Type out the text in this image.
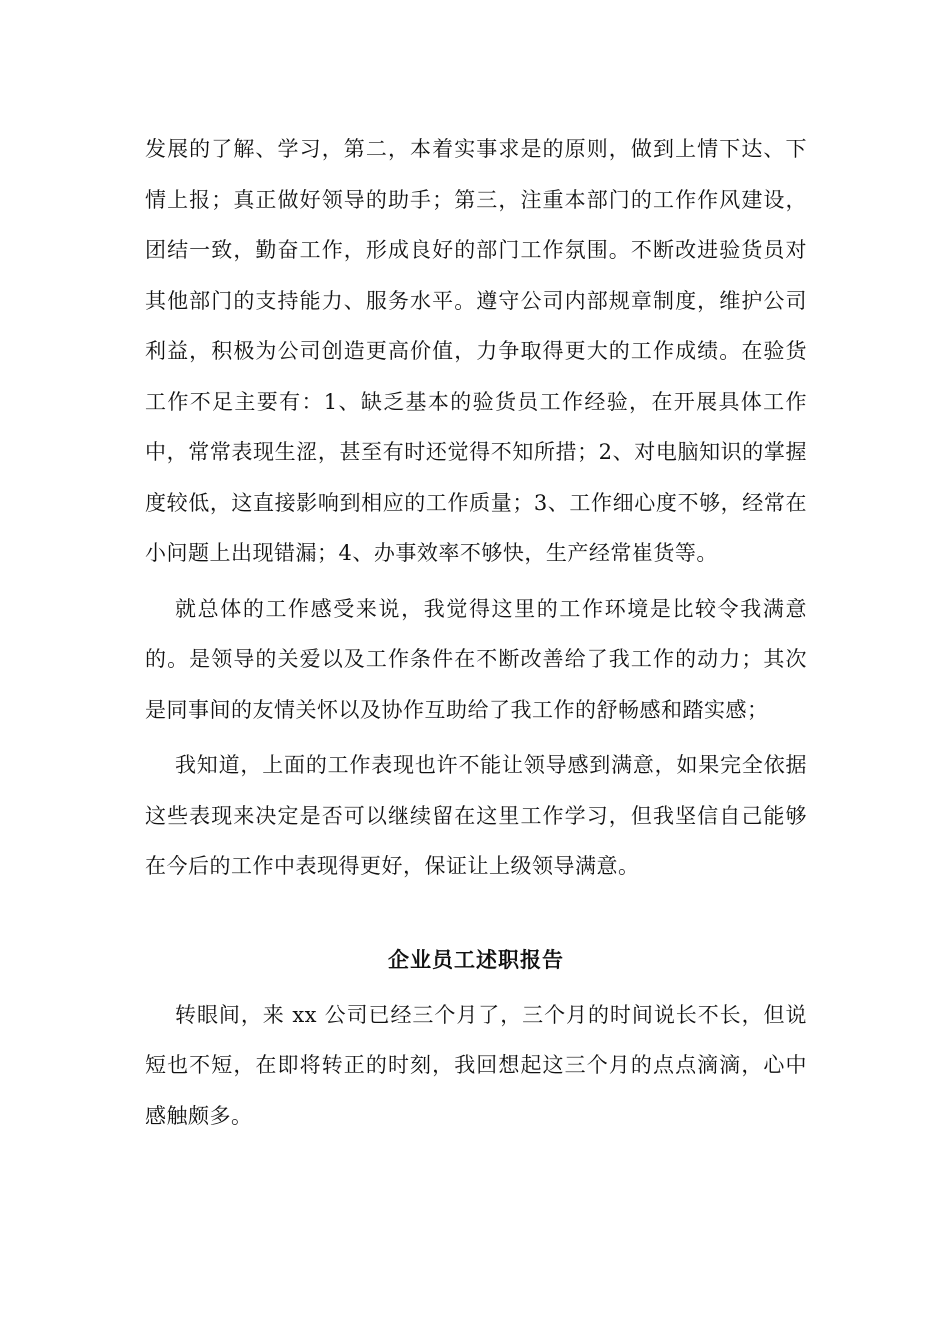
发展的了解、学习，第二，本着实事求是的原则，做到上情下达、下情上报；真正做好领导的助手；第三，注重本部门的工作作风建设，团结一致，勤奋工作，形成良好的部门工作氛围。不断改进验货员对其他部门的支持能力、服务水平。遵守公司内部规章制度，维护公司利益，积极为公司创造更高价值，力争取得更大的工作成绩。在验货工作不足主要有：1、缺乏基本的验货员工作经验，在开展具体工作中，常常表现生涩，甚至有时还觉得不知所措；2、对电脑知识的掌握度较低，这直接影响到相应的工作质量；3、工作细心度不够，经常在小问题上出现错漏；4、办事效率不够快，生产经常崔货等。

就总体的工作感受来说，我觉得这里的工作环境是比较令我满意的。是领导的关爱以及工作条件在不断改善给了我工作的动力；其次是同事间的友情关怀以及协作互助给了我工作的舒畅感和踏实感；

我知道，上面的工作表现也许不能让领导感到满意，如果完全依据这些表现来决定是否可以继续留在这里工作学习，但我坚信自己能够在今后的工作中表现得更好，保证让上级领导满意。

企业员工述职报告

转眼间，来 xx 公司已经三个月了，三个月的时间说长不长，但说短也不短，在即将转正的时刻，我回想起这三个月的点点滴滴，心中感触颇多。
